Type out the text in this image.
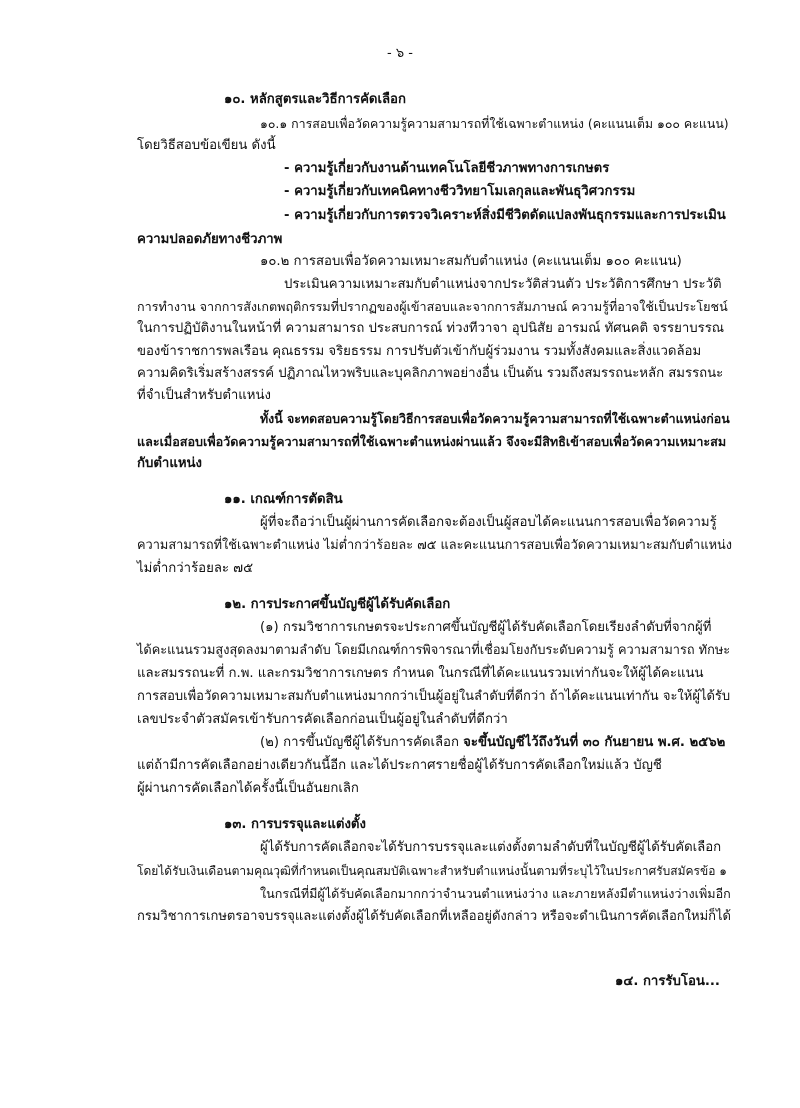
- ๖ -
๑๐. หลักสูตรและวิธีการคัดเลือก
๑๐.๑ การสอบเพื่อวัดความรู้ความสามารถที่ใช้เฉพาะตำแหน่ง (คะแนนเต็ม ๑๐๐ คะแนน)
โดยวิธีสอบข้อเขียน ดังนี้
- ความรู้เกี่ยวกับงานด้านเทคโนโลยีชีวภาพทางการเกษตร
- ความรู้เกี่ยวกับเทคนิคทางชีววิทยาโมเลกุลและพันธุวิศวกรรม
- ความรู้เกี่ยวกับการตรวจวิเคราะห์สิ่งมีชีวิตดัดแปลงพันธุกรรมและการประเมิน
ความปลอดภัยทางชีวภาพ
๑๐.๒ การสอบเพื่อวัดความเหมาะสมกับตำแหน่ง (คะแนนเต็ม ๑๐๐ คะแนน)
ประเมินความเหมาะสมกับตำแหน่งจากประวัติส่วนตัว ประวัติการศึกษา ประวัติ
การทำงาน จากการสังเกตพฤติกรรมที่ปรากฏของผู้เข้าสอบและจากการสัมภาษณ์ ความรู้ที่อาจใช้เป็นประโยชน์
ในการปฏิบัติงานในหน้าที่ ความสามารถ ประสบการณ์ ท่วงทีวาจา อุปนิสัย อารมณ์ ทัศนคติ จรรยาบรรณ
ของข้าราชการพลเรือน คุณธรรม จริยธรรม การปรับตัวเข้ากับผู้ร่วมงาน รวมทั้งสังคมและสิ่งแวดล้อม
ความคิดริเริ่มสร้างสรรค์ ปฏิภาณไหวพริบและบุคลิกภาพอย่างอื่น เป็นต้น รวมถึงสมรรถนะหลัก สมรรถนะ
ที่จำเป็นสำหรับตำแหน่ง
ทั้งนี้ จะทดสอบความรู้โดยวิธีการสอบเพื่อวัดความรู้ความสามารถที่ใช้เฉพาะตำแหน่งก่อน
และเมื่อสอบเพื่อวัดความรู้ความสามารถที่ใช้เฉพาะตำแหน่งผ่านแล้ว จึงจะมีสิทธิเข้าสอบเพื่อวัดความเหมาะสม
กับตำแหน่ง
๑๑. เกณฑ์การตัดสิน
ผู้ที่จะถือว่าเป็นผู้ผ่านการคัดเลือกจะต้องเป็นผู้สอบได้คะแนนการสอบเพื่อวัดความรู้
ความสามารถที่ใช้เฉพาะตำแหน่ง ไม่ต่ำกว่าร้อยละ ๗๕ และคะแนนการสอบเพื่อวัดความเหมาะสมกับตำแหน่ง
ไม่ต่ำกว่าร้อยละ ๗๕
๑๒. การประกาศขึ้นบัญชีผู้ได้รับคัดเลือก
(๑) กรมวิชาการเกษตรจะประกาศขึ้นบัญชีผู้ได้รับคัดเลือกโดยเรียงลำดับที่จากผู้ที่
ได้คะแนนรวมสูงสุดลงมาตามลำดับ โดยมีเกณฑ์การพิจารณาที่เชื่อมโยงกับระดับความรู้ ความสามารถ ทักษะ
และสมรรถนะที่ ก.พ. และกรมวิชาการเกษตร กำหนด ในกรณีที่ได้คะแนนรวมเท่ากันจะให้ผู้ได้คะแนน
การสอบเพื่อวัดความเหมาะสมกับตำแหน่งมากกว่าเป็นผู้อยู่ในลำดับที่ดีกว่า ถ้าได้คะแนนเท่ากัน จะให้ผู้ได้รับ
เลขประจำตัวสมัครเข้ารับการคัดเลือกก่อนเป็นผู้อยู่ในลำดับที่ดีกว่า
(๒) การขึ้นบัญชีผู้ได้รับการคัดเลือก จะขึ้นบัญชีไว้ถึงวันที่ ๓๐ กันยายน พ.ศ. ๒๕๖๒
แต่ถ้ามีการคัดเลือกอย่างเดียวกันนี้อีก และได้ประกาศรายชื่อผู้ได้รับการคัดเลือกใหม่แล้ว บัญชี
ผู้ผ่านการคัดเลือกได้ครั้งนี้เป็นอันยกเลิก
๑๓. การบรรจุและแต่งตั้ง
ผู้ได้รับการคัดเลือกจะได้รับการบรรจุและแต่งตั้งตามลำดับที่ในบัญชีผู้ได้รับคัดเลือก
โดยได้รับเงินเดือนตามคุณวุฒิที่กำหนดเป็นคุณสมบัติเฉพาะสำหรับตำแหน่งนั้นตามที่ระบุไว้ในประกาศรับสมัครข้อ ๑
ในกรณีที่มีผู้ได้รับคัดเลือกมากกว่าจำนวนตำแหน่งว่าง และภายหลังมีตำแหน่งว่างเพิ่มอีก
กรมวิชาการเกษตรอาจบรรจุและแต่งตั้งผู้ได้รับคัดเลือกที่เหลืออยู่ดังกล่าว หรือจะดำเนินการคัดเลือกใหม่ก็ได้
๑๔. การรับโอน...
